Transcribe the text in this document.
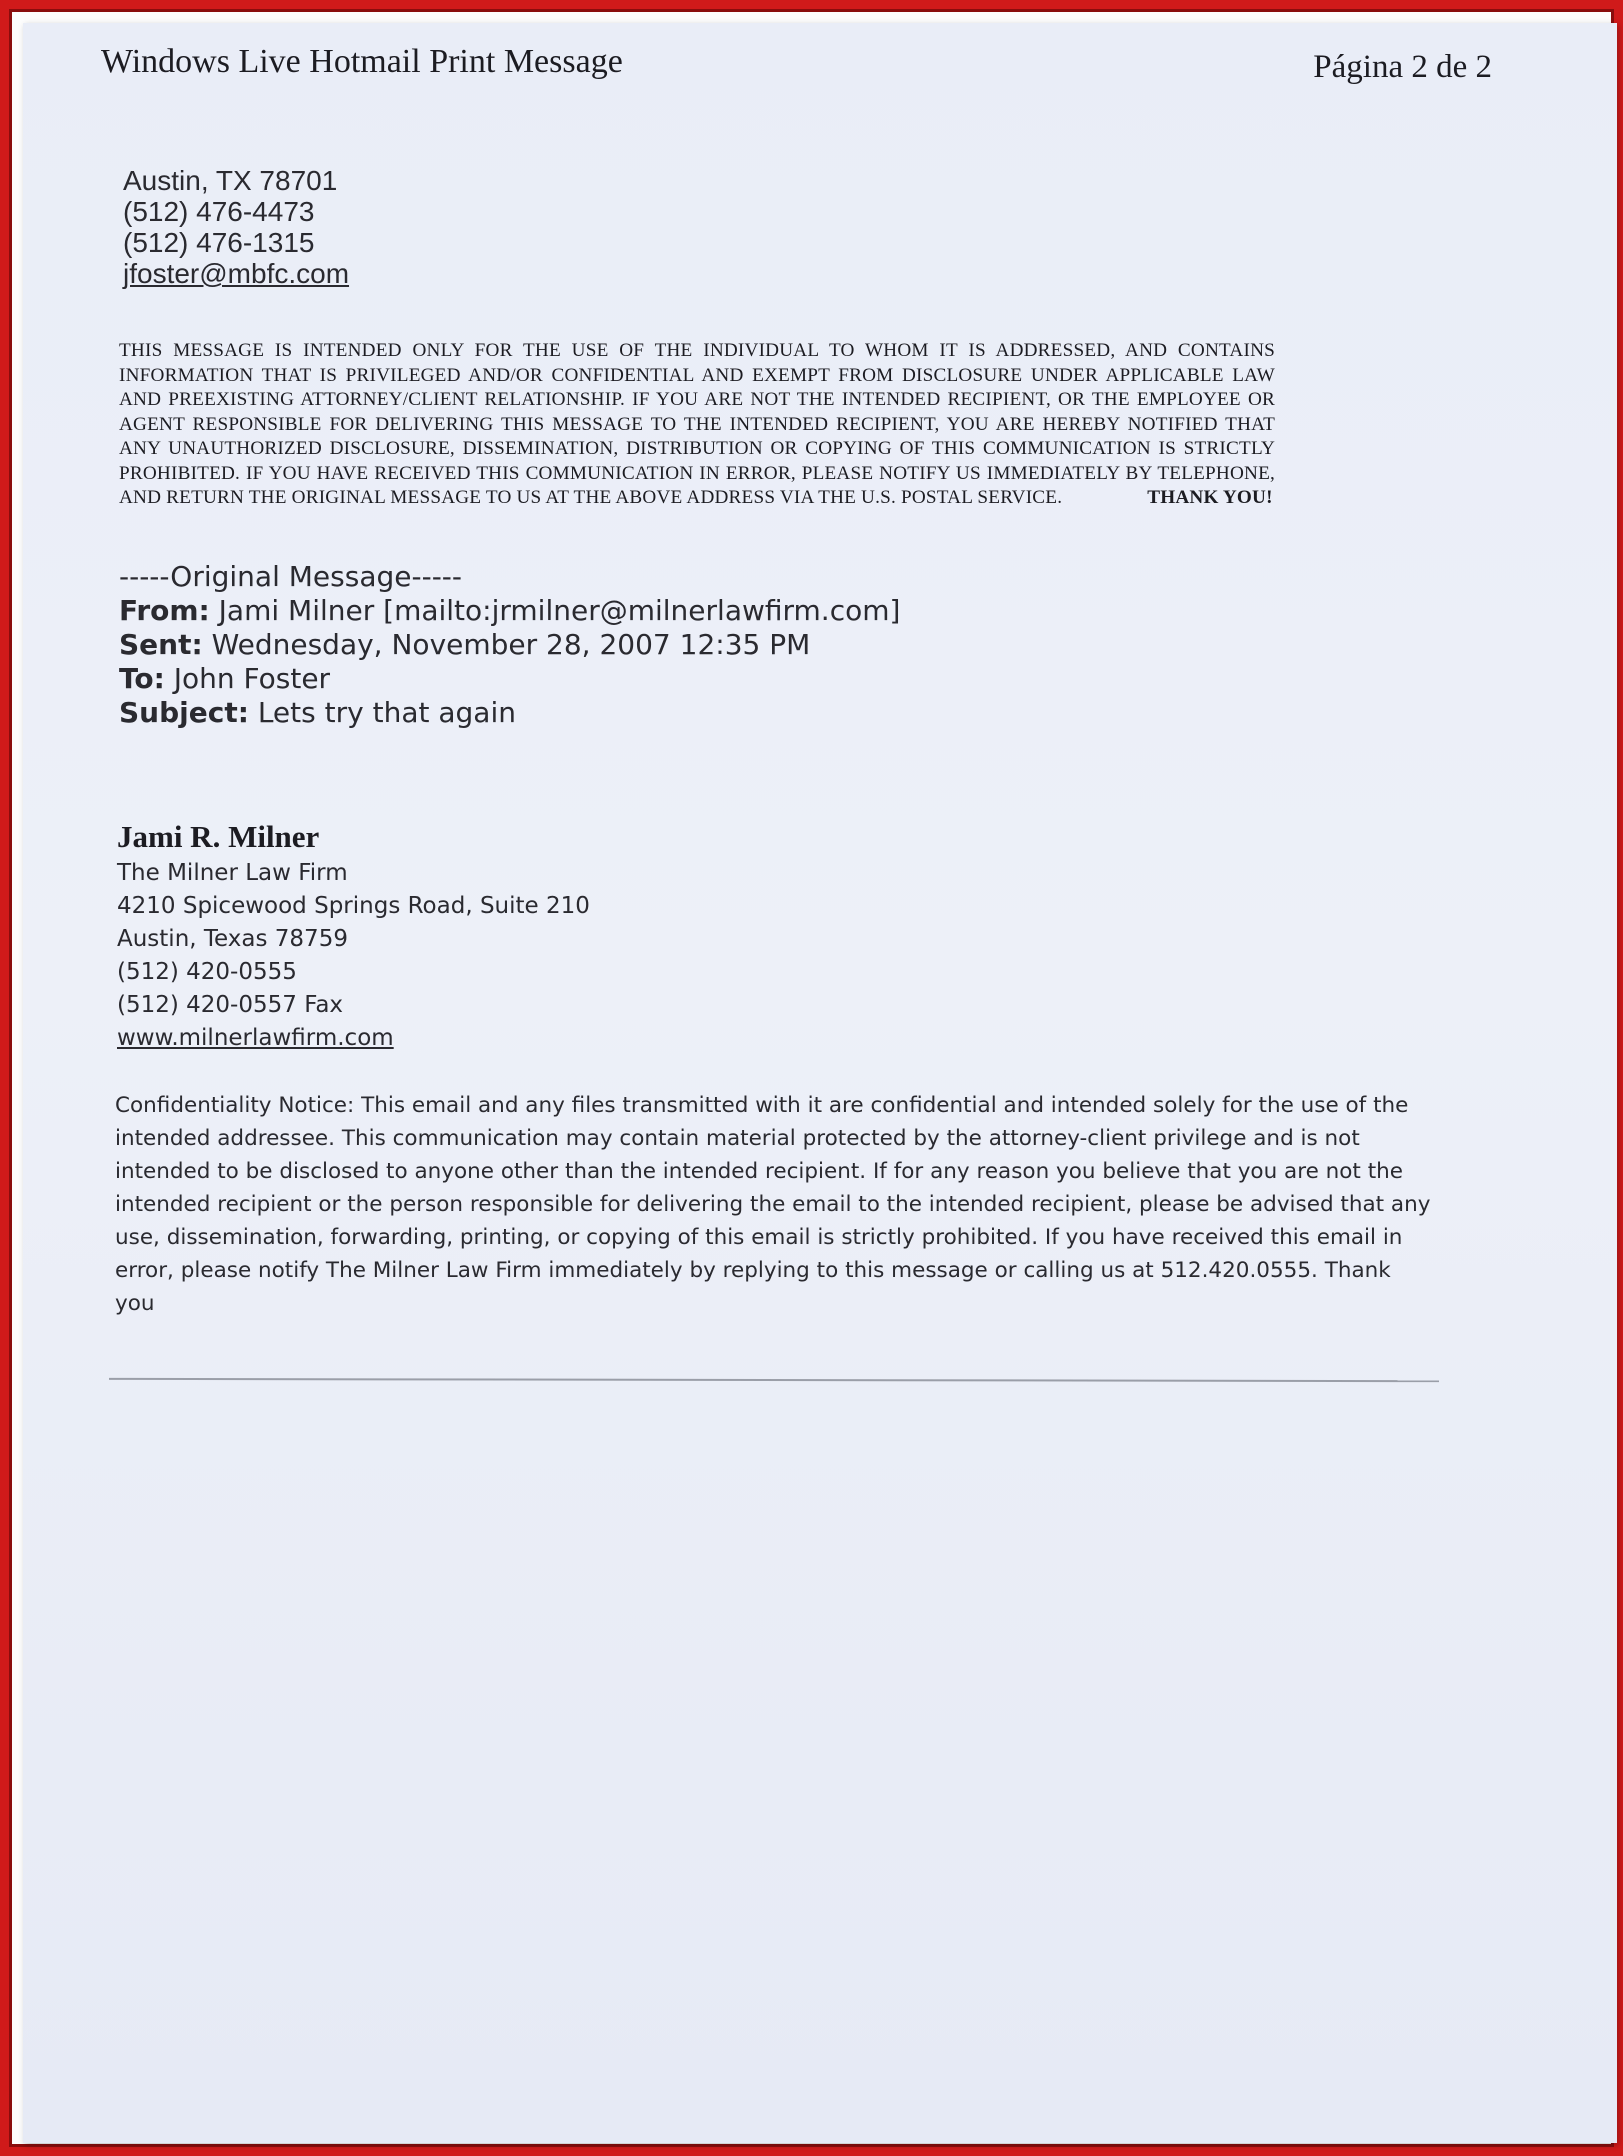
Windows Live Hotmail Print Message	Página 2 de 2
Austin, TX 78701
(512) 476-4473
(512) 476-1315
jfoster@mbfc.com
THIS MESSAGE IS INTENDED ONLY FOR THE USE OF THE INDIVIDUAL TO WHOM IT IS ADDRESSED, AND CONTAINS INFORMATION THAT IS PRIVILEGED AND/OR CONFIDENTIAL AND EXEMPT FROM DISCLOSURE UNDER APPLICABLE LAW AND PREEXISTING ATTORNEY/CLIENT RELATIONSHIP. IF YOU ARE NOT THE INTENDED RECIPIENT, OR THE EMPLOYEE OR AGENT RESPONSIBLE FOR DELIVERING THIS MESSAGE TO THE INTENDED RECIPIENT, YOU ARE HEREBY NOTIFIED THAT ANY UNAUTHORIZED DISCLOSURE, DISSEMINATION, DISTRIBUTION OR COPYING OF THIS COMMUNICATION IS STRICTLY PROHIBITED. IF YOU HAVE RECEIVED THIS COMMUNICATION IN ERROR, PLEASE NOTIFY US IMMEDIATELY BY TELEPHONE, AND RETURN THE ORIGINAL MESSAGE TO US AT THE ABOVE ADDRESS VIA THE U.S. POSTAL SERVICE.	THANK YOU!
-----Original Message-----
From: Jami Milner [mailto:jrmilner@milnerlawfirm.com]
Sent: Wednesday, November 28, 2007 12:35 PM
To: John Foster
Subject: Lets try that again
Jami R. Milner
The Milner Law Firm
4210 Spicewood Springs Road, Suite 210
Austin, Texas 78759
(512) 420-0555
(512) 420-0557 Fax
www.milnerlawfirm.com
Confidentiality Notice: This email and any files transmitted with it are confidential and intended solely for the use of the intended addressee. This communication may contain material protected by the attorney-client privilege and is not intended to be disclosed to anyone other than the intended recipient. If for any reason you believe that you are not the intended recipient or the person responsible for delivering the email to the intended recipient, please be advised that any use, dissemination, forwarding, printing, or copying of this email is strictly prohibited. If you have received this email in error, please notify The Milner Law Firm immediately by replying to this message or calling us at 512.420.0555. Thank you
